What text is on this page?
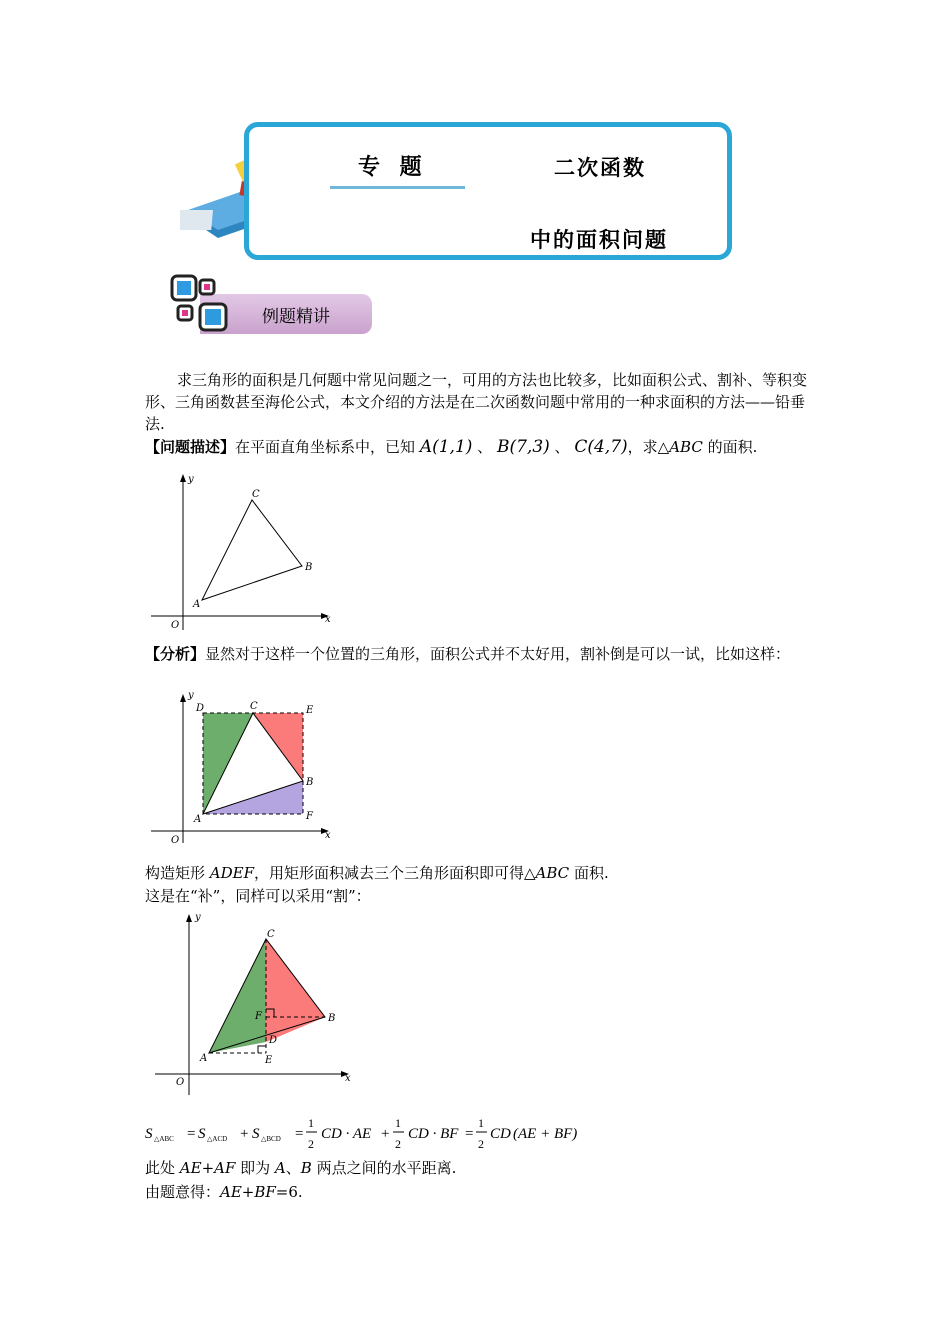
专 题	二次函数
中的面积问题
例题精讲
求三角形的面积是几何题中常见问题之一，可用的方法也比较多，比如面积公式、割补、等积变形、三角函数甚至海伦公式，本文介绍的方法是在二次函数问题中常用的一种求面积的方法——铅垂法.
【问题描述】在平面直角坐标系中，已知 A(1,1) 、 B(7,3) 、 C(4,7)，求△ABC 的面积.
y
x
O
A
B
C
【分析】显然对于这样一个位置的三角形，面积公式并不太好用，割补倒是可以一试，比如这样：
y
x
O
A
B
C
D	E
F
构造矩形 ADEF，用矩形面积减去三个三角形面积即可得△ABC 面积.
这是在“补”，同样可以采用“割”：
y
x
O
A
B
C
D
E
F
S △ABC = S △ACD + S △BCD =
1
2
CD · AE +
1
2
CD · BF =
1
2
CD (AE + BF)
此处 AE+AF 即为 A、B 两点之间的水平距离.
由题意得：AE+BF=6.
